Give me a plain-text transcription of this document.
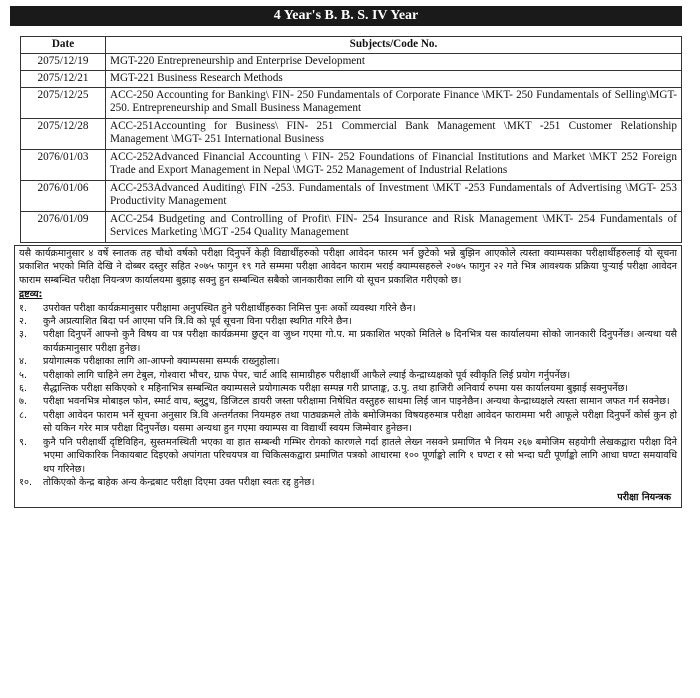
4 Year's B. B. S. IV Year
Date	Subjects/Code No.
2075/12/19	MGT-220 Entrepreneurship and Enterprise Development
2075/12/21	MGT-221 Business Research Methods
2075/12/25	ACC-250 Accounting for Banking\ FIN- 250 Fundamentals of Corporate Finance \MKT- 250 Fundamentals of Selling\MGT- 250. Entrepreneurship and Small Business Management
2075/12/28	ACC-251Accounting for Business\ FIN- 251 Commercial Bank Management \MKT -251 Customer Relationship Management \MGT- 251 International Business
2076/01/03	ACC-252Advanced Financial Accounting \ FIN- 252 Foundations of Financial Institutions and Market \MKT 252 Foreign Trade and Export Management in Nepal \MGT- 252 Management of Industrial Relations
2076/01/06	ACC-253Advanced Auditing\ FIN -253. Fundamentals of Investment \MKT -253 Fundamentals of Advertising \MGT- 253 Productivity Management
2076/01/09	ACC-254 Budgeting and Controlling of Profit\ FIN- 254 Insurance and Risk Management \MKT- 254 Fundamentals of Services Marketing \MGT -254 Quality Management
यसै कार्यक्रमानुसार ४ वर्षे स्नातक तह चौथो वर्षको परीक्षा दिनुपर्ने केही विद्यार्थीहरुको परीक्षा आवेदन फारम भर्न छुटेको भन्ने बुझिन आएकोले त्यस्ता क्याम्पसका परीक्षार्थीहरुलाई यो सूचना प्रकाशित भएको मिति देखि ने दोब्बर दस्तुर सहित २०७५ फागुन १९ गते सम्ममा परीक्षा आवेदन फाराम भराई क्याम्पसहरुले २०७५ फागुन २२ गते भित्र आवश्यक प्रक्रिया पुऱ्याई परीक्षा आवेदन फाराम सम्बन्धित परीक्षा नियन्त्रण कार्यालयमा बुझाइ सक्नु हुन सम्बन्धित सबैको जानकारीका लागि यो सूचन प्रकाशित गरीएको छ।
द्रष्टव्य:
१.	उपरोक्त परीक्षा कार्यक्रमानुसार परीक्षामा अनुपस्थित हुने परीक्षार्थीहरुका निमित्त पुनः अर्को व्यवस्था गरिने छैन।
२.	कुनै अप्रत्याशित बिदा पर्न आएमा पनि त्रि.वि को पूर्व सूचना विना परीक्षा स्थगित गरिने छैन।
३.	परीक्षा दिनुपर्ने आफ्नो कुनै विषय वा पत्र परीक्षा कार्यक्रममा छुट्न वा जुध्न गएमा गो.प. मा प्रकाशित भएको मितिले ७ दिनभित्र यस कार्यालयमा सोको जानकारी दिनुपर्नेछ। अन्यथा यसै कार्यक्रमानुसार परीक्षा हुनेछ।
४.	प्रयोगात्मक परीक्षाका लागि आ-आफ्नो क्याम्पसमा सम्पर्क राख्नुहोला।
५.	परीक्षाको लागि चाहिने लग टेबुल, गोश्वारा भौचर, ग्राफ पेपर, चार्ट आदि सामाग्रीहरु परीक्षार्थी आफैले ल्याई केन्द्राध्यक्षको पूर्व स्वीकृति लिई प्रयोग गर्नुपर्नेछ।
६.	सैद्धान्तिक परीक्षा सकिएको १ महिनाभित्र सम्बन्धित क्याम्पसले प्रयोगात्मक परीक्षा सम्पन्न गरी प्राप्ताङ्क, उ.पु. तथा हाजिरी अनिवार्य रुपमा यस कार्यालयमा बुझाई सक्नुपर्नेछ।
७.	परीक्षा भवनभित्र मोबाइल फोन, स्मार्ट वाच, ब्लुटुथ, डिजिटल डायरी जस्ता परीक्षामा निषेधित वस्तुहरु साथमा लिई जान पाइनेछैन। अन्यथा केन्द्राध्यक्षले त्यस्ता सामान जफत गर्न सक्नेछ।
८.	परीक्षा आवेदन फाराम भर्ने सूचना अनुसार त्रि.वि अन्तर्गतका नियमहरु तथा पाठ्यक्रमले तोके बमोजिमका विषयहरुमात्र परीक्षा आवेदन फाराममा भरी आफूले परीक्षा दिनुपर्ने कोर्स कुन हो सो यकिन गरेर मात्र परीक्षा दिनुपर्नेछ। यसमा अन्यथा हुन गएमा क्याम्पस वा विद्यार्थी स्वयम जिम्मेवार हुनेछन।
९.	कुनै पनि परीक्षार्थी दृष्टिविहिन, सुस्तमनस्थिती भएका वा हात सम्बन्धी गम्भिर रोगको कारणले गर्दा हातले लेख्न नसक्ने प्रमाणित भै नियम २६७ बमोजिम सहयोगी लेखकद्वारा परीक्षा दिने भएमा आधिकारिक निकायबाट दिइएको अपांगता परिचयपत्र वा चिकित्सकद्वारा प्रमाणित पत्रको आधारमा १०० पूर्णाङ्को लागि १ घण्टा र सो भन्दा घटी पूर्णाङ्को लागि आधा घण्टा समयावधि थप गरिनेछ।
१०.	तोकिएको केन्द्र बाहेक अन्य केन्द्रबाट परीक्षा दिएमा उक्त परीक्षा स्वतः रद्द हुनेछ।
परीक्षा नियन्त्रक
